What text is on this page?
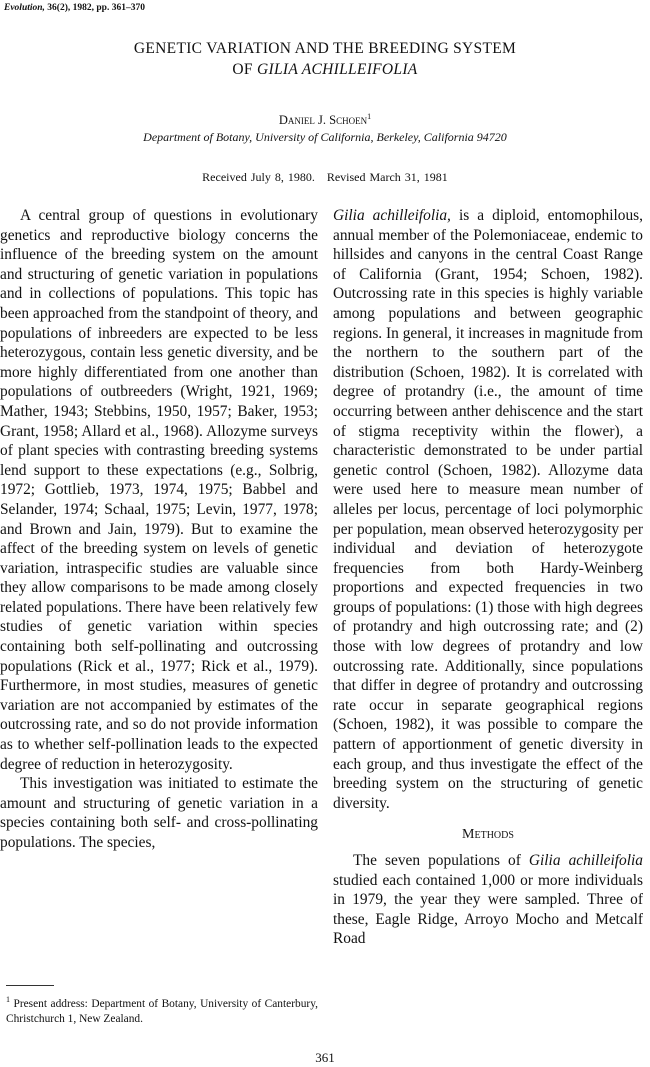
Evolution, 36(2), 1982, pp. 361–370
GENETIC VARIATION AND THE BREEDING SYSTEM
OF GILIA ACHILLEIFOLIA
Daniel J. Schoen$^1$
Department of Botany, University of California, Berkeley, California 94720
Received July 8, 1980. Revised March 31, 1981

A central group of questions in evolutionary genetics and reproductive biology concerns the influence of the breeding system on the amount and structuring of genetic variation in populations and in collections of populations. This topic has been approached from the standpoint of theory, and populations of inbreeders are expected to be less heterozygous, contain less genetic diversity, and be more highly differentiated from one another than populations of outbreeders (Wright, 1921, 1969; Mather, 1943; Stebbins, 1950, 1957; Baker, 1953; Grant, 1958; Allard et al., 1968). Allozyme surveys of plant species with contrasting breeding systems lend support to these expectations (e.g., Solbrig, 1972; Gottlieb, 1973, 1974, 1975; Babbel and Selander, 1974; Schaal, 1975; Levin, 1977, 1978; and Brown and Jain, 1979). But to examine the affect of the breeding system on levels of genetic variation, intraspecific studies are valuable since they allow comparisons to be made among closely related populations. There have been relatively few studies of genetic variation within species containing both self-pollinating and outcrossing populations (Rick et al., 1977; Rick et al., 1979). Furthermore, in most studies, measures of genetic variation are not accompanied by estimates of the outcrossing rate, and so do not provide information as to whether self-pollination leads to the expected degree of reduction in heterozygosity.

This investigation was initiated to estimate the amount and structuring of genetic variation in a species containing both self- and cross-pollinating populations. The species,

Gilia achilleifolia, is a diploid, entomophilous, annual member of the Polemoniaceae, endemic to hillsides and canyons in the central Coast Range of California (Grant, 1954; Schoen, 1982). Outcrossing rate in this species is highly variable among populations and between geographic regions. In general, it increases in magnitude from the northern to the southern part of the distribution (Schoen, 1982). It is correlated with degree of protandry (i.e., the amount of time occurring between anther dehiscence and the start of stigma receptivity within the flower), a characteristic demonstrated to be under partial genetic control (Schoen, 1982). Allozyme data were used here to measure mean number of alleles per locus, percentage of loci polymorphic per population, mean observed heterozygosity per individual and deviation of heterozygote frequencies from both Hardy-Weinberg proportions and expected frequencies in two groups of populations: (1) those with high degrees of protandry and high outcrossing rate; and (2) those with low degrees of protandry and low outcrossing rate. Additionally, since populations that differ in degree of protandry and outcrossing rate occur in separate geographical regions (Schoen, 1982), it was possible to compare the pattern of apportionment of genetic diversity in each group, and thus investigate the effect of the breeding system on the structuring of genetic diversity.

Methods

The seven populations of Gilia achilleifolia studied each contained 1,000 or more individuals in 1979, the year they were sampled. Three of these, Eagle Ridge, Arroyo Mocho and Metcalf Road

$^1$ Present address: Department of Botany, University of Canterbury, Christchurch 1, New Zealand.
361
